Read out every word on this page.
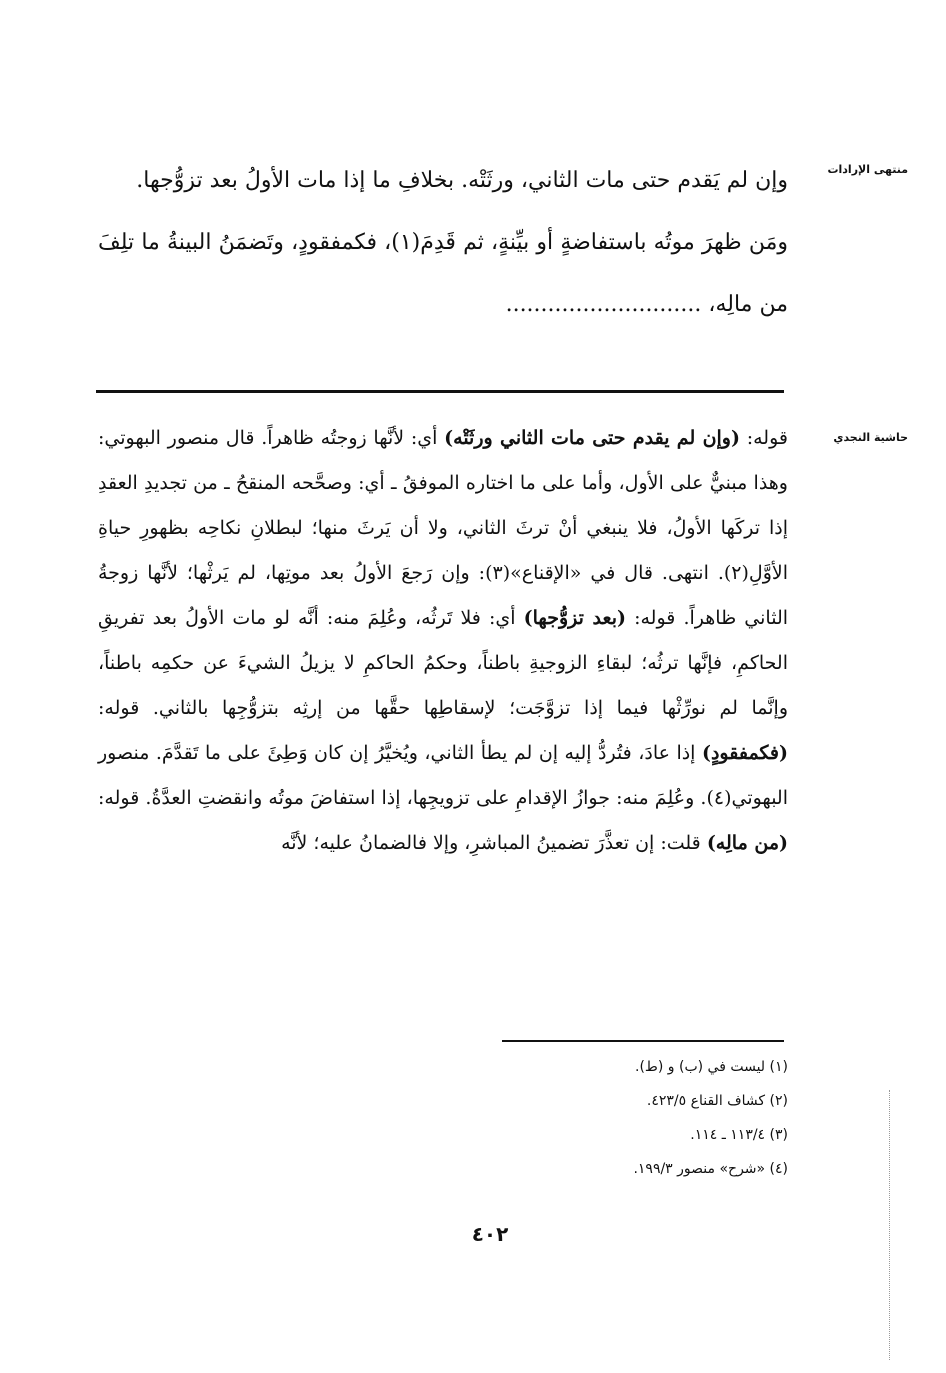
منتهى الإرادات
حاشية النجدي

وإن لم يَقدم حتى مات الثاني، ورثَتْه. بخلافِ ما إذا مات الأولُ بعد تزوُّجها.

ومَن ظهرَ موتُه باستفاضةٍ أو بيِّنةٍ، ثم قَدِمَ(١)، فكمفقودٍ، وتَضمَنُ البينةُ ما تلِفَ من مالِه، ............................

قوله: (وإن لم يقدم حتى مات الثاني ورثَتْه) أي: لأنَّها زوجتُه ظاهراً. قال منصور البهوتي: وهذا مبنيٌّ على الأول، وأما على ما اختاره الموفقُ ـ أي: وصحَّحه المنقحُ ـ من تجديدِ العقدِ إذا تركَها الأولُ، فلا ينبغي أنْ ترثَ الثاني، ولا أن يَرثَ منها؛ لبطلانِ نكاحِه بظهورِ حياةِ الأوَّلِ(٢). انتهى. قال في «الإقناع»(٣): وإن رَجعَ الأولُ بعد موتِها، لم يَرثْها؛ لأنَّها زوجةُ الثاني ظاهراً. قوله: (بعد تزوُّجها) أي: فلا تَرثُه، وعُلِمَ منه: أنَّه لو مات الأولُ بعد تفريقِ الحاكمِ، فإنَّها ترثُه؛ لبقاءِ الزوجيةِ باطناً، وحكمُ الحاكمِ لا يزيلُ الشيءَ عن حكمِه باطناً، وإنَّما لم نورِّثْها فيما إذا تزوَّجَت؛ لإسقاطِها حقَّها من إرثِه بتزوُّجِها بالثاني. قوله: (فكمفقودٍ) إذا عادَ، فتُردُّ إليه إن لم يطأ الثاني، ويُخيَّرُ إن كان وَطِئَ على ما تَقدَّمَ. منصور البهوتي(٤). وعُلِمَ منه: جوازُ الإقدامِ على تزويجِها، إذا استفاضَ موتُه وانقضتِ العدَّةُ. قوله: (من مالِه) قلت: إن تعذَّرَ تضمينُ المباشرِ، وإلا فالضمانُ عليه؛ لأنَّه
(١) ليست في (ب) و (ط).
(٢) كشاف القناع ٤٢٣/٥.
(٣) ١١٣/٤ ـ ١١٤.
(٤) «شرح» منصور ١٩٩/٣.
٤٠٢
